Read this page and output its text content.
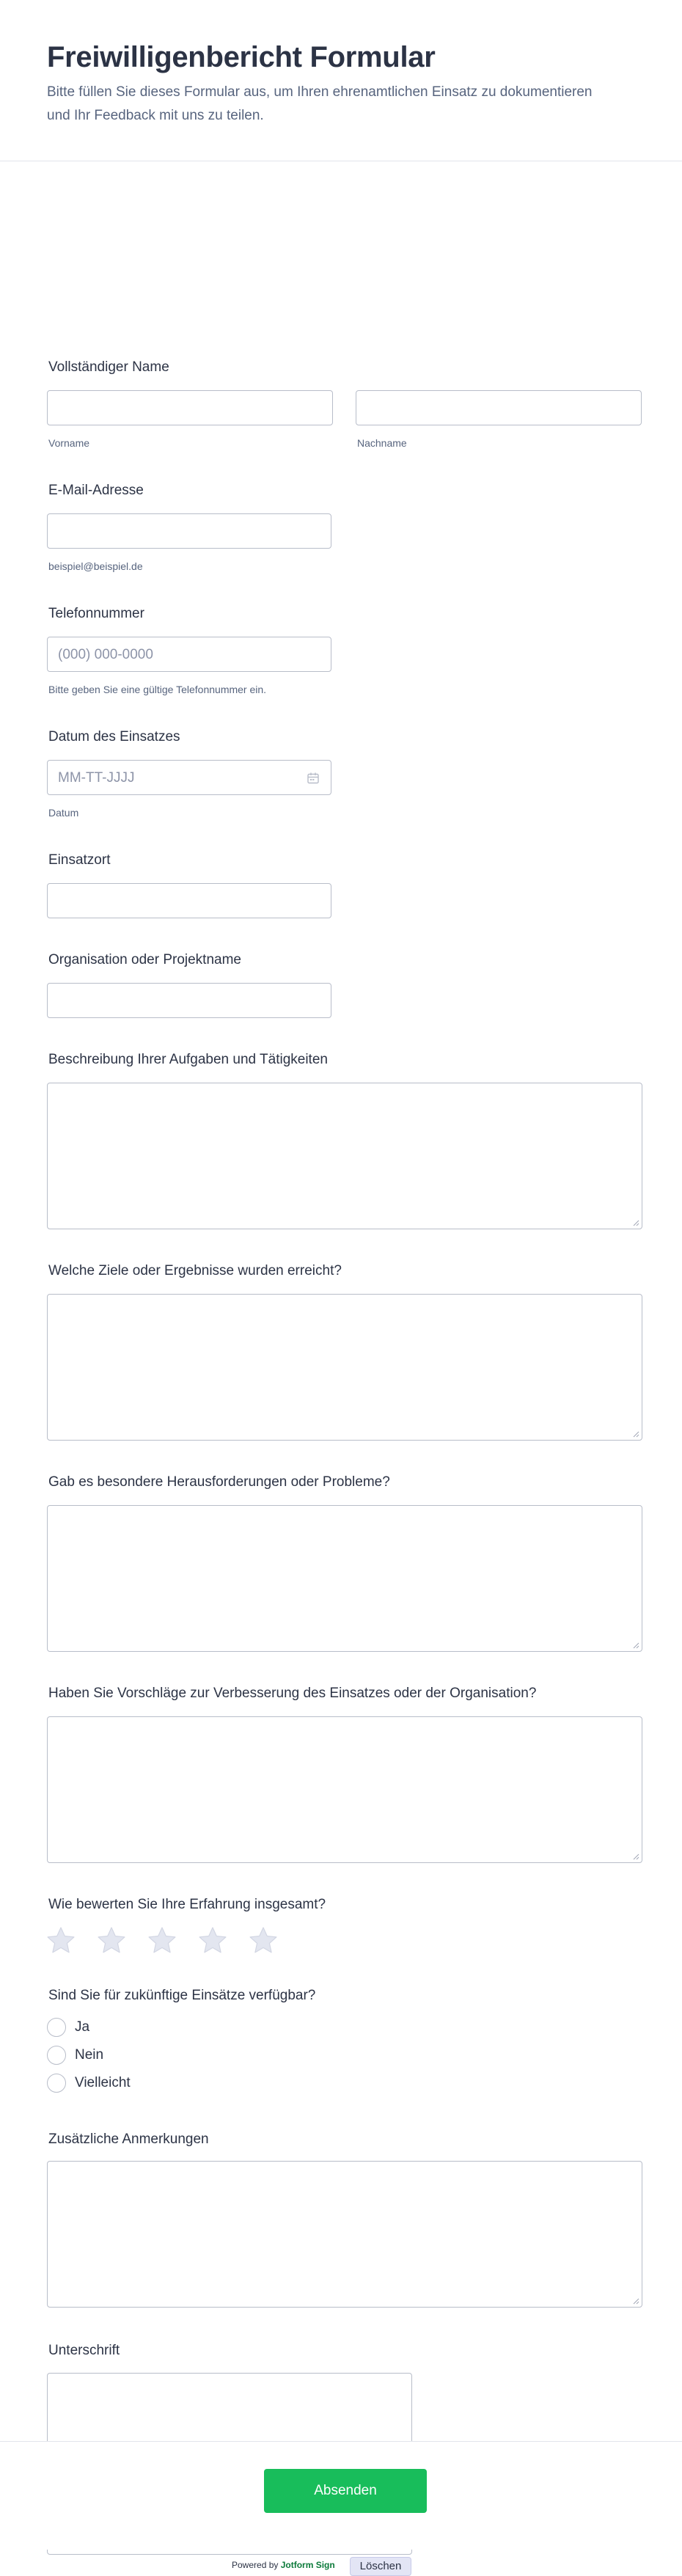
Freiwilligenbericht Formular

Bitte füllen Sie dieses Formular aus, um Ihren ehrenamtlichen Einsatz zu dokumentieren und Ihr Feedback mit uns zu teilen.

Vollständiger Name
Vorname	Nachname
E-Mail-Adresse
beispiel@beispiel.de
Telefonnummer
(000) 000-0000
Bitte geben Sie eine gültige Telefonnummer ein.
Datum des Einsatzes
MM-TT-JJJJ
Datum
Einsatzort
Organisation oder Projektname
Beschreibung Ihrer Aufgaben und Tätigkeiten
Welche Ziele oder Ergebnisse wurden erreicht?
Gab es besondere Herausforderungen oder Probleme?
Haben Sie Vorschläge zur Verbesserung des Einsatzes oder der Organisation?
Wie bewerten Sie Ihre Erfahrung insgesamt?
Sind Sie für zukünftige Einsätze verfügbar?
Ja
Nein
Vielleicht
Zusätzliche Anmerkungen
Unterschrift
Powered by Jotform Sign	Löschen
Absenden
